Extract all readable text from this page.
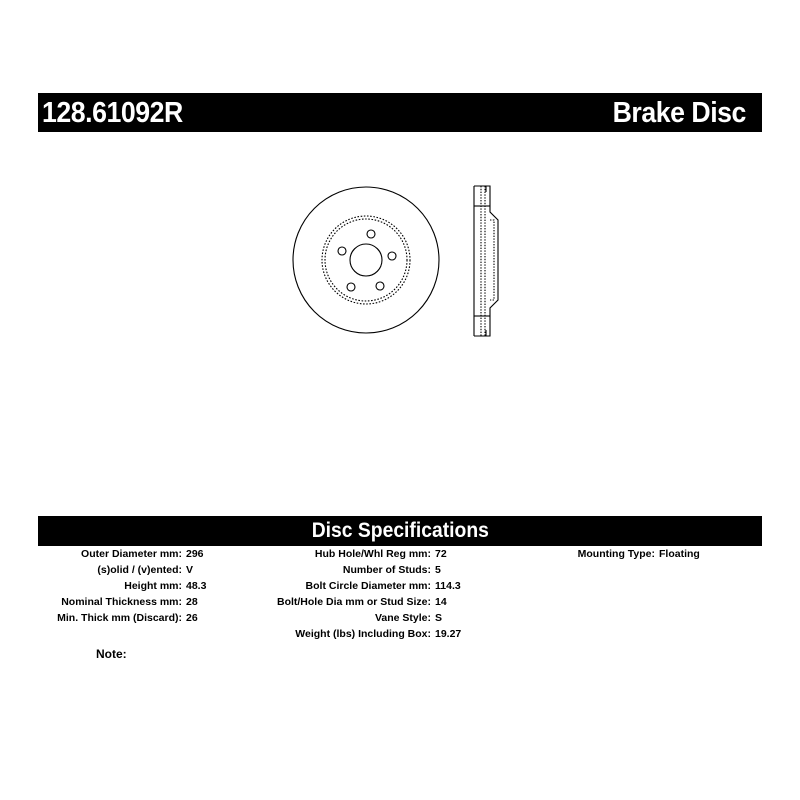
128.61092R	Brake Disc
Disc Specifications
Outer Diameter mm: 296
(s)olid / (v)ented: V
Height mm: 48.3
Nominal Thickness mm: 28
Min. Thick mm (Discard): 26
Hub Hole/Whl Reg mm: 72
Number of Studs: 5
Bolt Circle Diameter mm: 114.3
Bolt/Hole Dia mm or Stud Size: 14
Vane Style: S
Weight (lbs) Including Box: 19.27
Mounting Type: Floating
Note:
